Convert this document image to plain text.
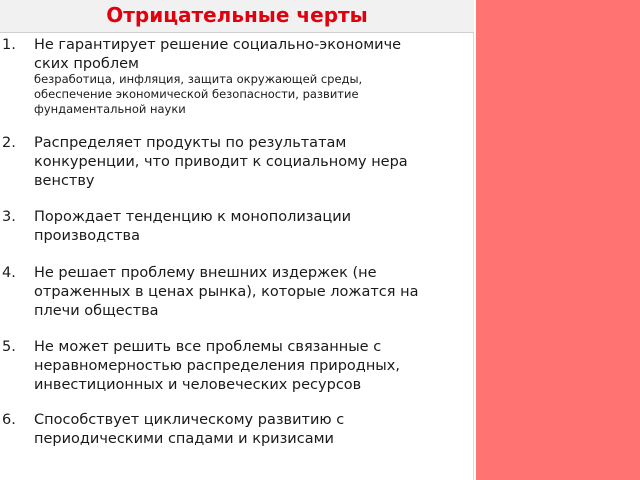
Отрицательные черты
1. Не гарантирует решение социально-экономиче
ских проблем
безработица, инфляция, защита окружающей среды,
обеспечение экономической безопасности, развитие
фундаментальной науки
2. Распределяет продукты по результатам
конкуренции, что приводит к социальному нера
венству
3. Порождает тенденцию к монополизации
производства
4. Не решает проблему внешних издержек (не
отраженных в ценах рынка), которые ложатся на
плечи общества
5. Не может решить все проблемы связанные с
неравномерностью распределения природных,
инвестиционных и человеческих ресурсов
6. Способствует циклическому развитию с
периодическими спадами и кризисами
